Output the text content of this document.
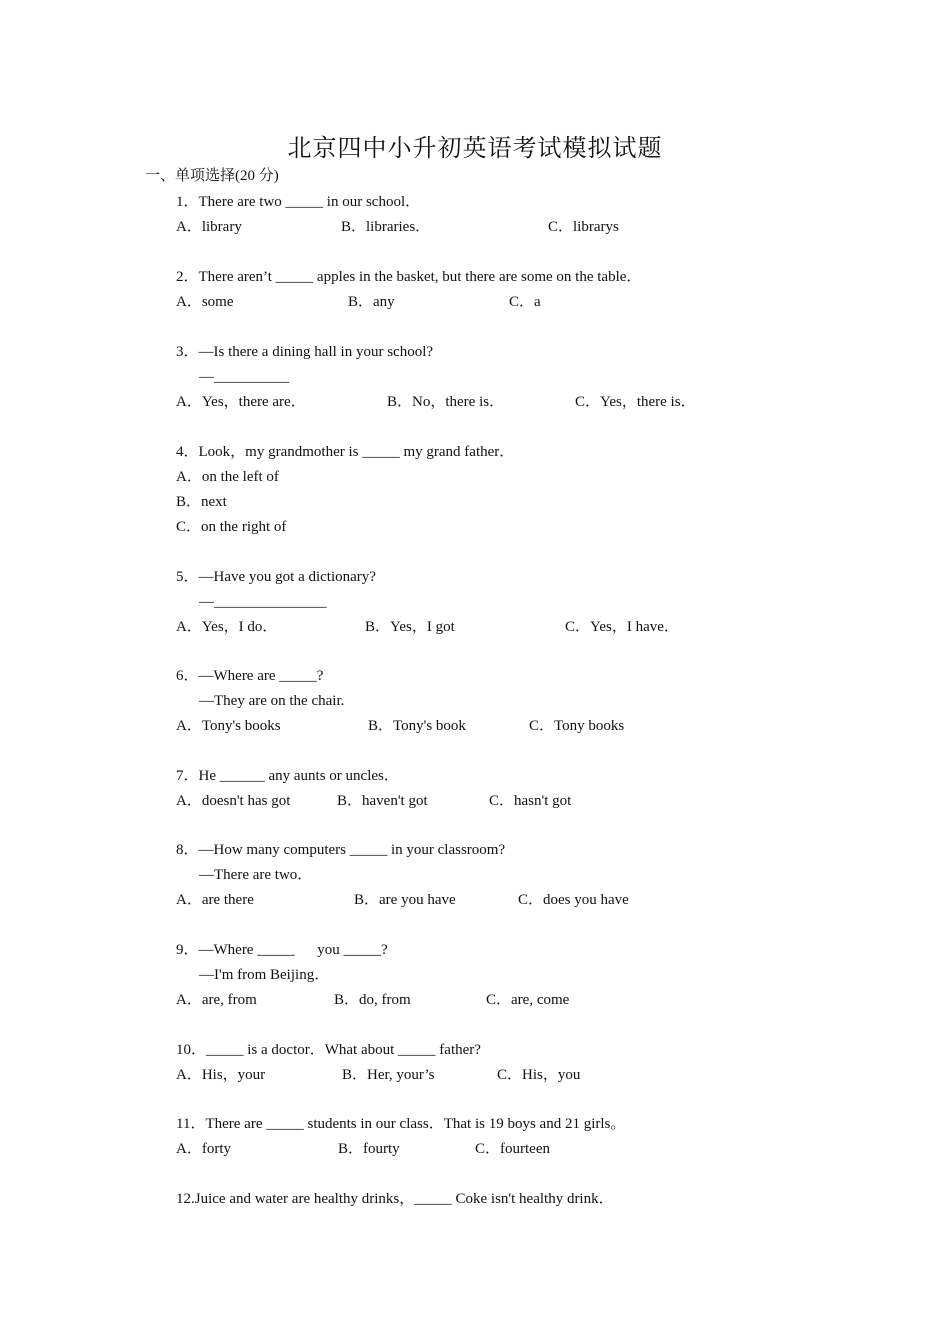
北京四中小升初英语考试模拟试题
一、单项选择(20 分)
1．There are two _____ in our school．
A．library	B．libraries．	C．librarys
2．There aren’t _____ apples in the basket, but there are some on the table．
A．some	B．any	C．a
3．—Is there a dining hall in your school?
—__________
A．Yes，there are．	B．No，there is．	C．Yes，there is．
4．Look，my grandmother is _____ my grand father．
A．on the left of
B．next
C．on the right of
5．—Have you got a dictionary?
—_______________
A．Yes，I do．	B．Yes，I got	C．Yes，I have．
6．—Where are _____?
—They are on the chair.
A．Tony's books	B．Tony's book	C．Tony books
7．He ______ any aunts or uncles．
A．doesn't has got	B．haven't got	C．hasn't got
8．—How many computers _____ in your classroom?
—There are two．
A．are there	B．are you have	C．does you have
9．—Where _____      you _____?
—I'm from Beijing．
A．are, from	B．do, from	C．are, come
10．_____ is a doctor．What about _____ father?
A．His，your	B．Her, your’s	C．His，you
11．There are _____ students in our class．That is 19 boys and 21 girls。
A．forty	B．fourty	C．fourteen
12.Juice and water are healthy drinks，_____ Coke isn't healthy drink．
